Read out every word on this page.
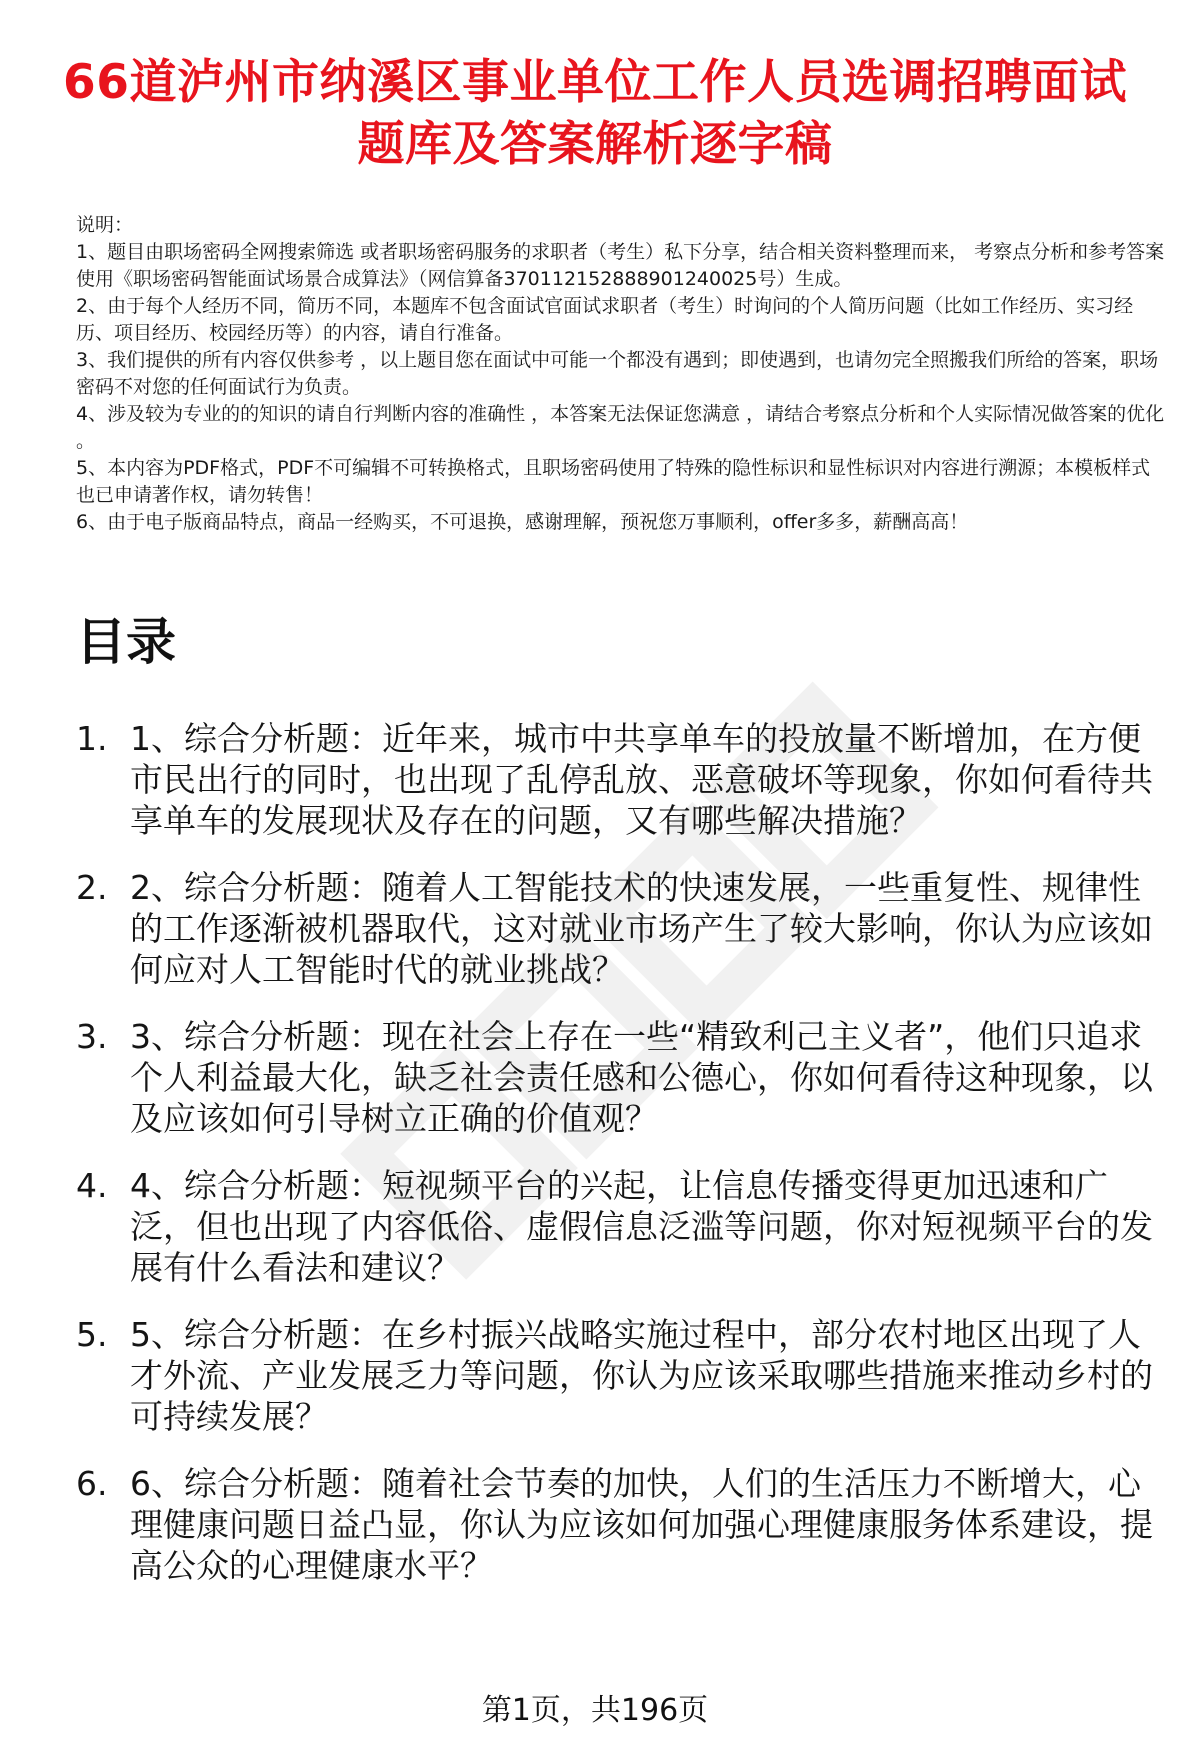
66道泸州市纳溪区事业单位工作人员选调招聘面试题库及答案解析逐字稿

说明：

1、题目由职场密码全网搜索筛选 或者职场密码服务的求职者（考生）私下分享，结合相关资料整理而来， 考察点分析和参考答案使用《职场密码智能面试场景合成算法》（网信算备370112152888901240025号）生成。

2、由于每个人经历不同，简历不同，本题库不包含面试官面试求职者（考生）时询问的个人简历问题（比如工作经历、实习经历、项目经历、校园经历等）的内容，请自行准备。

3、我们提供的所有内容仅供参考 ，以上题目您在面试中可能一个都没有遇到；即使遇到，也请勿完全照搬我们所给的答案，职场密码不对您的任何面试行为负责。

4、涉及较为专业的的知识的请自行判断内容的准确性 ，本答案无法保证您满意 ，请结合考察点分析和个人实际情况做答案的优化 。

5、本内容为PDF格式，PDF不可编辑不可转换格式，且职场密码使用了特殊的隐性标识和显性标识对内容进行溯源；本模板样式也已申请著作权，请勿转售！

6、由于电子版商品特点，商品一经购买，不可退换，感谢理解，预祝您万事顺利，offer多多，薪酬高高！

目录
1. 1、综合分析题：近年来，城市中共享单车的投放量不断增加，在方便市民出行的同时，也出现了乱停乱放、恶意破坏等现象，你如何看待共享单车的发展现状及存在的问题，又有哪些解决措施？
2. 2、综合分析题：随着人工智能技术的快速发展，一些重复性、规律性的工作逐渐被机器取代，这对就业市场产生了较大影响，你认为应该如何应对人工智能时代的就业挑战？
3. 3、综合分析题：现在社会上存在一些“精致利己主义者”，他们只追求个人利益最大化，缺乏社会责任感和公德心，你如何看待这种现象，以及应该如何引导树立正确的价值观？
4. 4、综合分析题：短视频平台的兴起，让信息传播变得更加迅速和广泛，但也出现了内容低俗、虚假信息泛滥等问题，你对短视频平台的发展有什么看法和建议？
5. 5、综合分析题：在乡村振兴战略实施过程中，部分农村地区出现了人才外流、产业发展乏力等问题，你认为应该采取哪些措施来推动乡村的可持续发展？
6. 6、综合分析题：随着社会节奏的加快，人们的生活压力不断增大，心理健康问题日益凸显，你认为应该如何加强心理健康服务体系建设，提高公众的心理健康水平？
第1页，共196页
